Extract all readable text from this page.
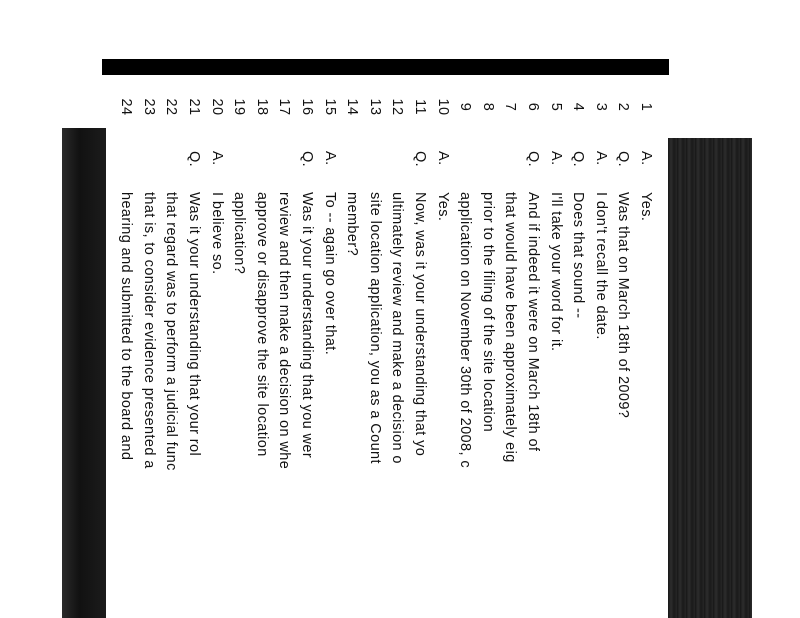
1
A.
Yes.
2
Q.
Was that on March 18th of 2009?
3
A.
I don't recall the date.
4
Q.
Does that sound --
5
A.
I'll take your word for it.
6
Q.
And if indeed it were on March 18th of
7
that would have been approximately eig
8
prior to the filing of the site location
9
application on November 30th of 2008, c
10
A.
Yes.
11
Q.
Now, was it your understanding that yo
12
ultimately review and make a decision o
13
site location application, you as a Count
14
member?
15
A.
To -- again go over that.
16
Q.
Was it your understanding that you wer
17
review and then make a decision on whe
18
approve or disapprove the site location
19
application?
20
A.
I believe so.
21
Q.
Was it your understanding that your rol
22
that regard was to perform a judicial func
23
that is, to consider evidence presented a
24
hearing and submitted to the board and
